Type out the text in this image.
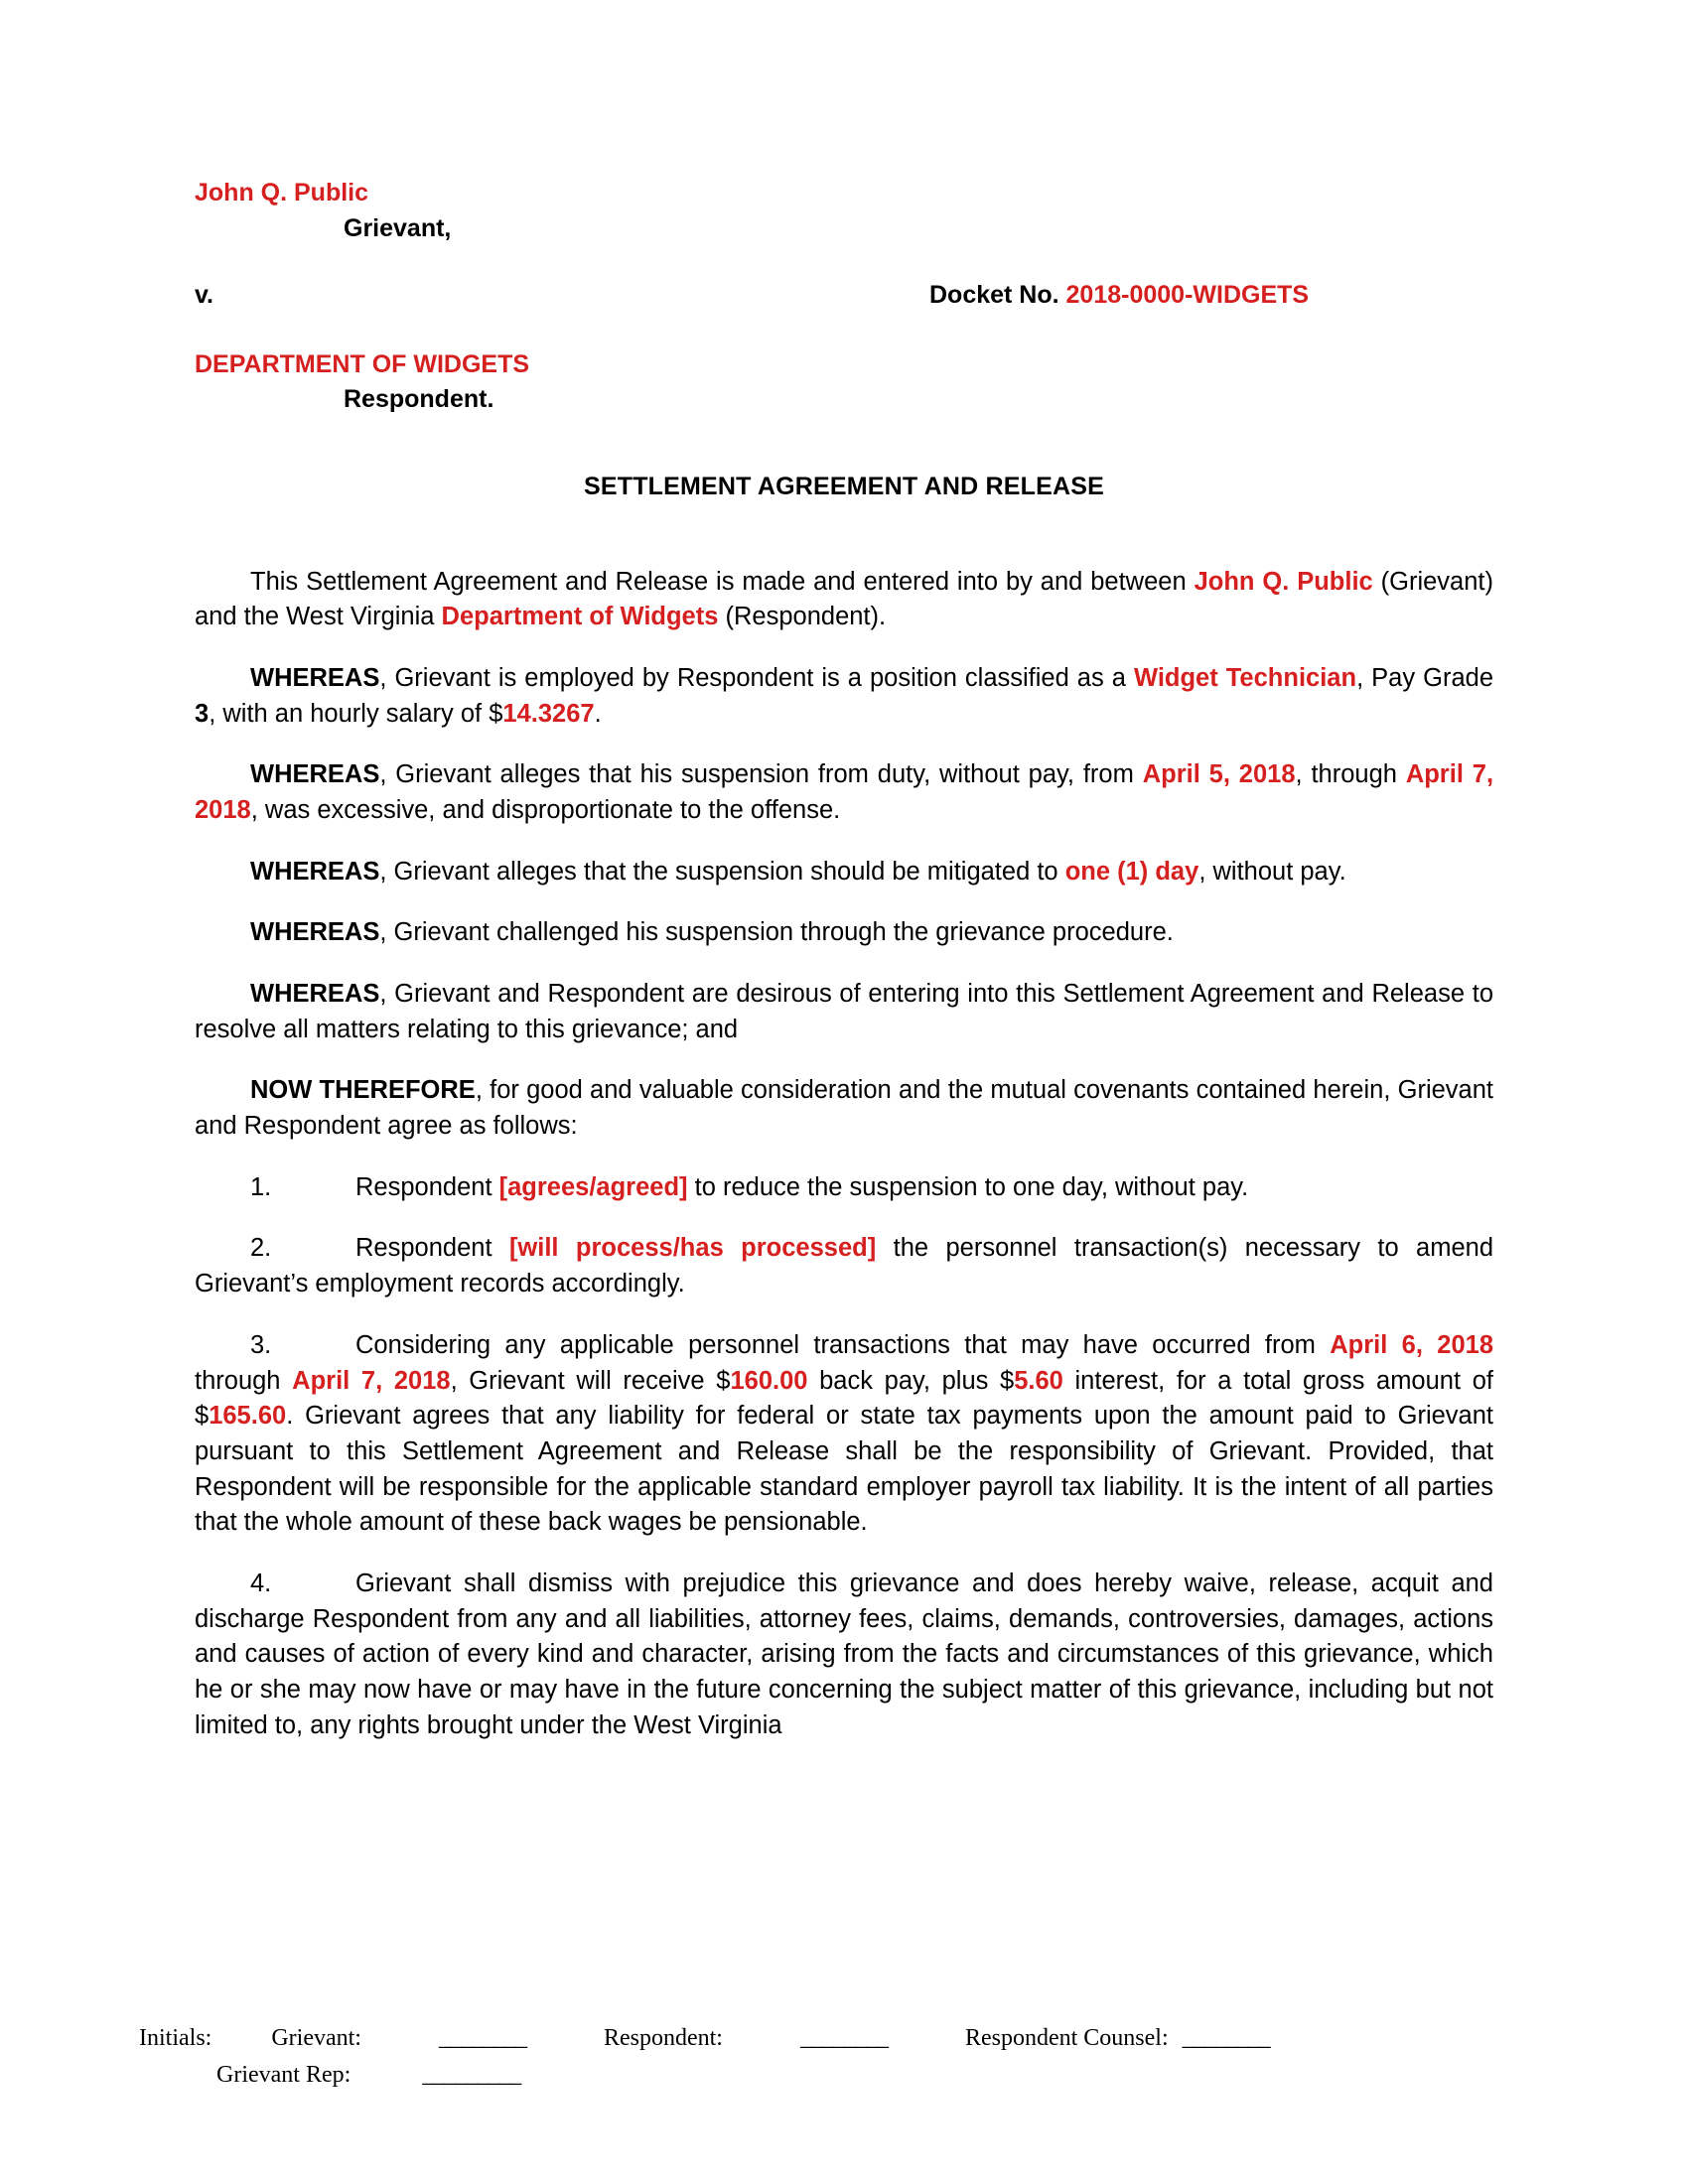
John Q. Public
Grievant,
v.	Docket No. 2018-0000-WIDGETS
DEPARTMENT OF WIDGETS
Respondent.
SETTLEMENT AGREEMENT AND RELEASE

This Settlement Agreement and Release is made and entered into by and between John Q. Public (Grievant) and the West Virginia Department of Widgets (Respondent).

WHEREAS, Grievant is employed by Respondent is a position classified as a Widget Technician, Pay Grade 3, with an hourly salary of $14.3267.

WHEREAS, Grievant alleges that his suspension from duty, without pay, from April 5, 2018, through April 7, 2018, was excessive, and disproportionate to the offense.

WHEREAS, Grievant alleges that the suspension should be mitigated to one (1) day, without pay.

WHEREAS, Grievant challenged his suspension through the grievance procedure.

WHEREAS, Grievant and Respondent are desirous of entering into this Settlement Agreement and Release to resolve all matters relating to this grievance; and

NOW THEREFORE, for good and valuable consideration and the mutual covenants contained herein, Grievant and Respondent agree as follows:

1.	Respondent [agrees/agreed] to reduce the suspension to one day, without pay.

2.	Respondent [will process/has processed] the personnel transaction(s) necessary to amend Grievant’s employment records accordingly.

3.	Considering any applicable personnel transactions that may have occurred from April 6, 2018 through April 7, 2018, Grievant will receive $160.00 back pay, plus $5.60 interest, for a total gross amount of $165.60. Grievant agrees that any liability for federal or state tax payments upon the amount paid to Grievant pursuant to this Settlement Agreement and Release shall be the responsibility of Grievant. Provided, that Respondent will be responsible for the applicable standard employer payroll tax liability. It is the intent of all parties that the whole amount of these back wages be pensionable.

4.	Grievant shall dismiss with prejudice this grievance and does hereby waive, release, acquit and discharge Respondent from any and all liabilities, attorney fees, claims, demands, controversies, damages, actions and causes of action of every kind and character, arising from the facts and circumstances of this grievance, which he or she may now have or may have in the future concerning the subject matter of this grievance, including but not limited to, any rights brought under the West Virginia

Initials:	Grievant:	________	Respondent:	________	Respondent Counsel: ________
Grievant Rep:	_________
